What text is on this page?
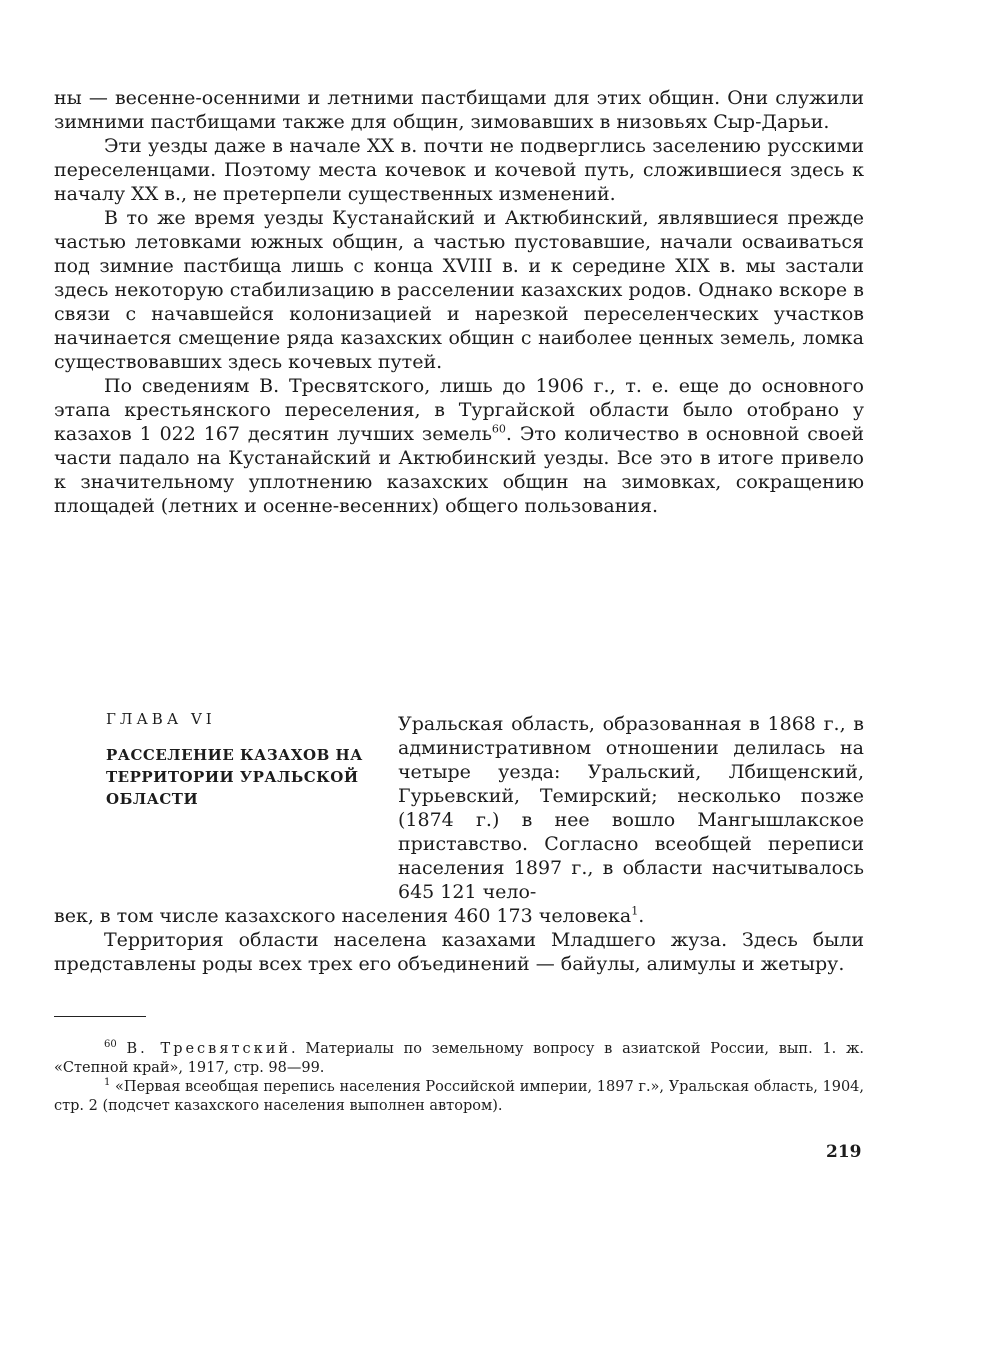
ны — весенне-осенними и летними пастбищами для этих общин. Они служили зимними пастбищами также для общин, зимовавших в низовьях Сыр-Дарьи.

Эти уезды даже в начале XX в. почти не подверглись заселению русскими переселенцами. Поэтому места кочевок и кочевой путь, сложившиеся здесь к началу XX в., не претерпели существенных изменений.

В то же время уезды Кустанайский и Актюбинский, являвшиеся прежде частью летовками южных общин, а частью пустовавшие, начали осваиваться под зимние пастбища лишь с конца XVIII в. и к середине XIX в. мы застали здесь некоторую стабилизацию в расселении казахских родов. Однако вскоре в связи с начавшейся колонизацией и нарезкой переселенческих участков начинается смещение ряда казахских общин с наиболее ценных земель, ломка существовавших здесь кочевых путей.

По сведениям В. Тресвятского, лишь до 1906 г., т. е. еще до основного этапа крестьянского переселения, в Тургайской области было отобрано у казахов 1 022 167 десятин лучших земель$^{60}$. Это количество в основной своей части падало на Кустанайский и Актюбинский уезды. Все это в итоге привело к значительному уплотнению казахских общин на зимовках, сокращению площадей (летних и осенне-весенних) общего пользования.

ГЛАВА VI
РАССЕЛЕНИЕ КАЗАХОВ НА ТЕРРИТОРИИ УРАЛЬСКОЙ ОБЛАСТИ

Уральская область, образованная в 1868 г., в административном отношении делилась на четыре уезда: Уральский, Лбищенский, Гурьевский, Темирский; несколько позже (1874 г.) в нее вошло Мангышлакское приставство. Согласно всеобщей переписи населения 1897 г., в области насчитывалось 645 121 чело-

век, в том числе казахского населения 460 173 человека$^1$.

Территория области населена казахами Младшего жуза. Здесь были представлены роды всех трех его объединений — байулы, алимулы и жетыру.

$^{60}$ В. Тресвятский. Материалы по земельному вопросу в азиатской России, вып. 1. ж. «Степной край», 1917, стр. 98—99.

$^1$ «Первая всеобщая перепись населения Российской империи, 1897 г.», Уральская область, 1904, стр. 2 (подсчет казахского населения выполнен автором).

219
